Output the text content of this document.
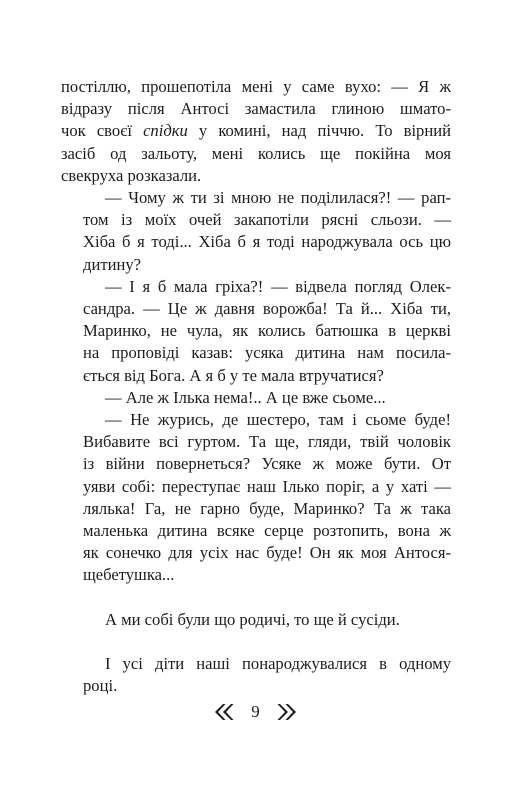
постіллю, прошепотіла мені у саме вухо: — Я ж
відразу після Антосі замастила глиною шмато-
чок своєї спідки у комині, над піччю. То вірний
засіб од зальоту, мені колись ще покійна моя
свекруха розказали.

— Чому ж ти зі мною не поділилася?! — рап-
том із моїх очей закапотіли рясні сльози. —
Хіба б я тоді... Хіба б я тоді народжувала ось цю
дитину?

— І я б мала гріха?! — відвела погляд Олек-
сандра. — Це ж давня ворожба! Та й... Хіба ти,
Маринко, не чула, як колись батюшка в церкві
на проповіді казав: усяка дитина нам посила-
ється від Бога. А я б у те мала втручатися?

— Але ж Ілька нема!.. А це вже сьоме...

— Не журись, де шестеро, там і сьоме буде!
Вибавите всі гуртом. Та ще, гляди, твій чоловік
із війни повернеться? Усяке ж може бути. От
уяви собі: переступає наш Ілько поріг, а у хаті —
лялька! Га, не гарно буде, Маринко? Та ж така
маленька дитина всяке серце розтопить, вона ж
як сонечко для усіх нас буде! Он як моя Антося-
щебетушка...

А ми собі були що родичі, то ще й сусіди.

І усі діти наші понароджувалися в одному
році.

9
